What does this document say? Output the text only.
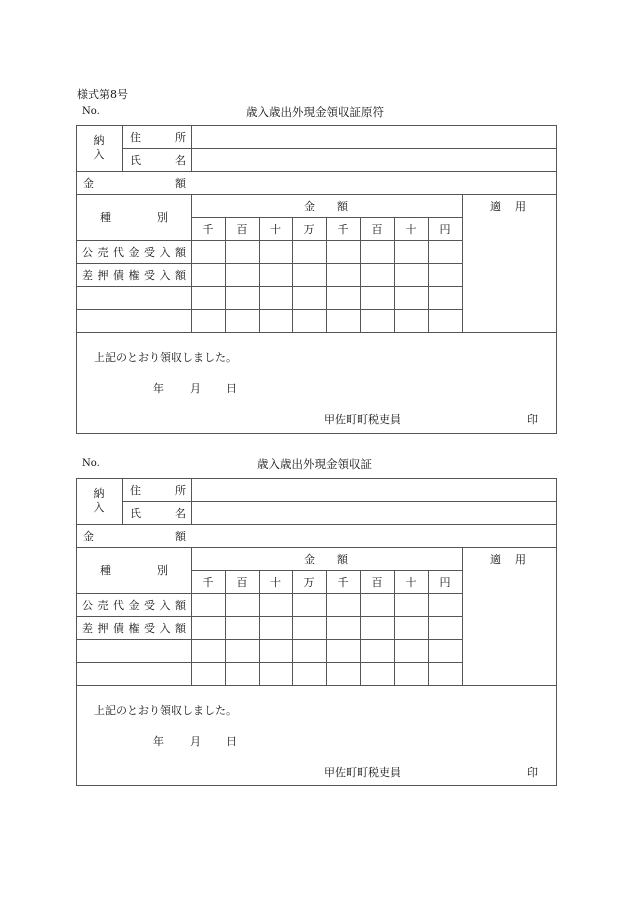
様式第8号
No.	歳入歳出外現金領収証原符
納
入
住	所
氏	名
金	額
種	別
金 額	適 用
千	百	十	万	千	百	十	円
公 売 代 金 受 入 額
差 押 債 権 受 入 額
上記のとおり領収しました。
年 月 日
甲佐町町税吏員	印
No.	歳入歳出外現金領収証
納
入
住	所
氏	名
金	額
種	別
金 額	適 用
千	百	十	万	千	百	十	円
公 売 代 金 受 入 額
差 押 債 権 受 入 額
上記のとおり領収しました。
年 月 日
甲佐町町税吏員	印
